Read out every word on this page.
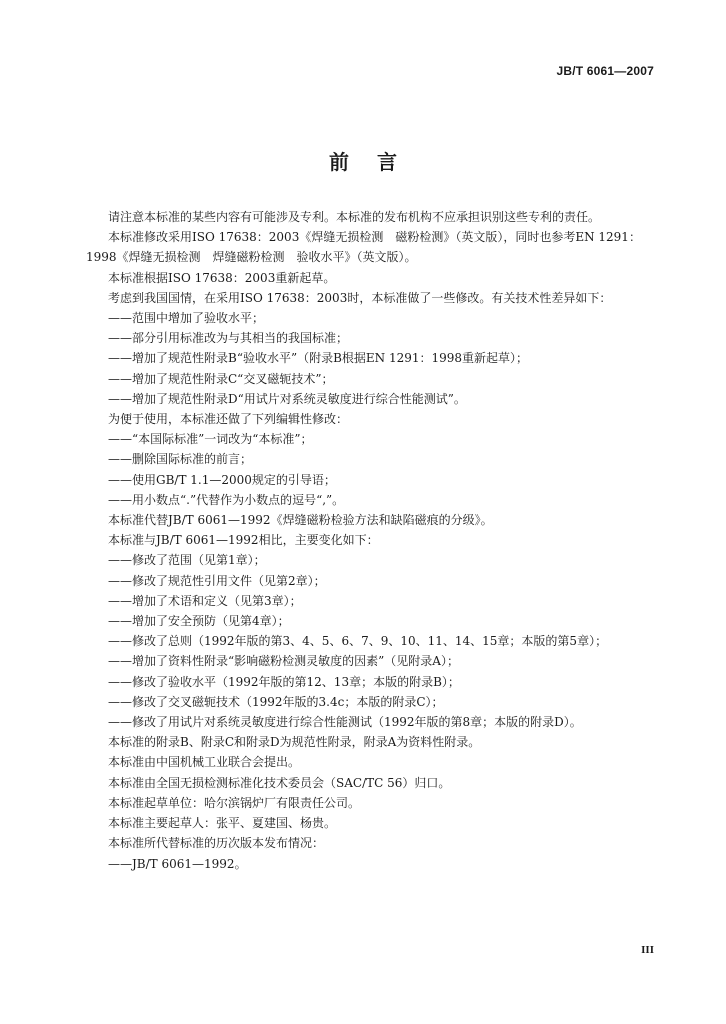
JB/T 6061—2007
前言

请注意本标准的某些内容有可能涉及专利。本标准的发布机构不应承担识别这些专利的责任。

本标准修改采用ISO 17638：2003《焊缝无损检测　磁粉检测》（英文版），同时也参考EN 1291：

1998《焊缝无损检测　焊缝磁粉检测　验收水平》（英文版）。

本标准根据ISO 17638：2003重新起草。

考虑到我国国情，在采用ISO 17638：2003时，本标准做了一些修改。有关技术性差异如下：

——范围中增加了验收水平；

——部分引用标准改为与其相当的我国标准；

——增加了规范性附录B“验收水平”（附录B根据EN 1291：1998重新起草）；

——增加了规范性附录C“交叉磁轭技术”；

——增加了规范性附录D“用试片对系统灵敏度进行综合性能测试”。

为便于使用，本标准还做了下列编辑性修改：

——“本国际标准”一词改为“本标准”；

——删除国际标准的前言；

——使用GB/T 1.1—2000规定的引导语；

——用小数点“.”代替作为小数点的逗号“,”。

本标准代替JB/T 6061—1992《焊缝磁粉检验方法和缺陷磁痕的分级》。

本标准与JB/T 6061—1992相比，主要变化如下：

——修改了范围（见第1章）；

——修改了规范性引用文件（见第2章）；

——增加了术语和定义（见第3章）；

——增加了安全预防（见第4章）；

——修改了总则（1992年版的第3、4、5、6、7、9、10、11、14、15章；本版的第5章）；

——增加了资料性附录“影响磁粉检测灵敏度的因素”（见附录A）；

——修改了验收水平（1992年版的第12、13章；本版的附录B）；

——修改了交叉磁轭技术（1992年版的3.4c；本版的附录C）；

——修改了用试片对系统灵敏度进行综合性能测试（1992年版的第8章；本版的附录D）。

本标准的附录B、附录C和附录D为规范性附录，附录A为资料性附录。

本标准由中国机械工业联合会提出。

本标准由全国无损检测标准化技术委员会（SAC/TC 56）归口。

本标准起草单位：哈尔滨锅炉厂有限责任公司。

本标准主要起草人：张平、夏建国、杨贵。

本标准所代替标准的历次版本发布情况：

——JB/T 6061—1992。

III
